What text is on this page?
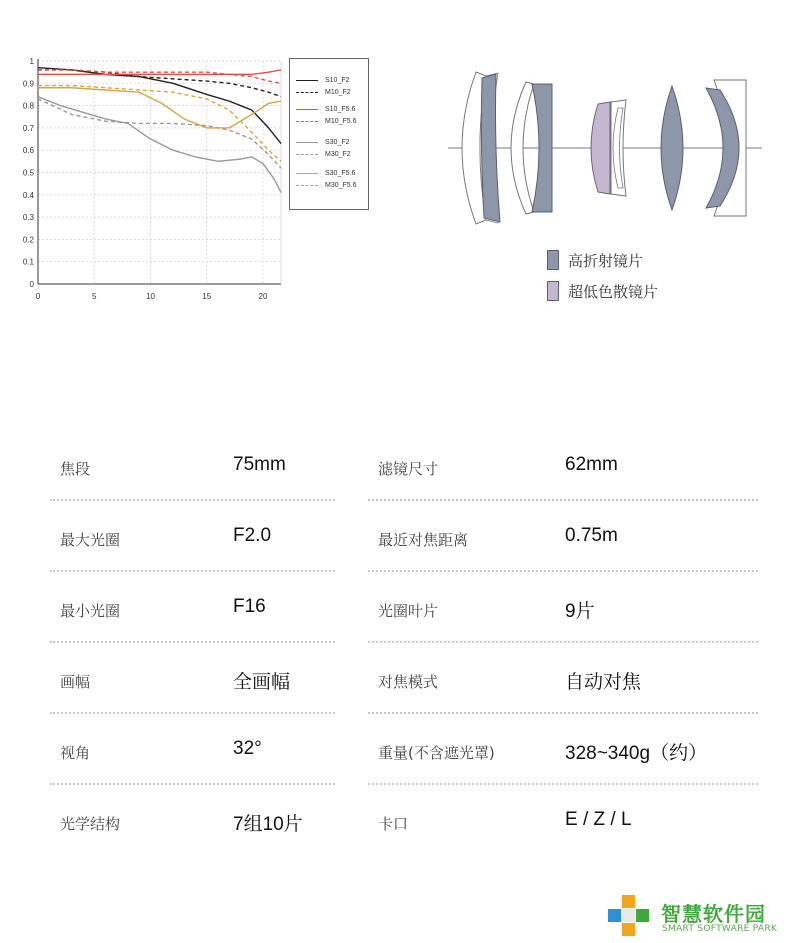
0
0.1
0.2
0.3
0.4
0.5
0.6
0.7
0.8
0.9
1
0	5	10	15	20
S10_F2
M10_F2
S10_F5.6
M10_F5.6
S30_F2
M30_F2
S30_F5.6
M30_F5.6
高折射镜片
超低色散镜片
焦段	75mm	滤镜尺寸	62mm
最大光圈	F2.0	最近对焦距离	0.75m
最小光圈	F16	光圈叶片	9片
画幅	全画幅	对焦模式	自动对焦
视角	32°	重量(不含遮光罩)	328~340g（约）
光学结构	7组10片	卡口	E / Z / L
智慧软件园
SMART SOFTWARE PARK
